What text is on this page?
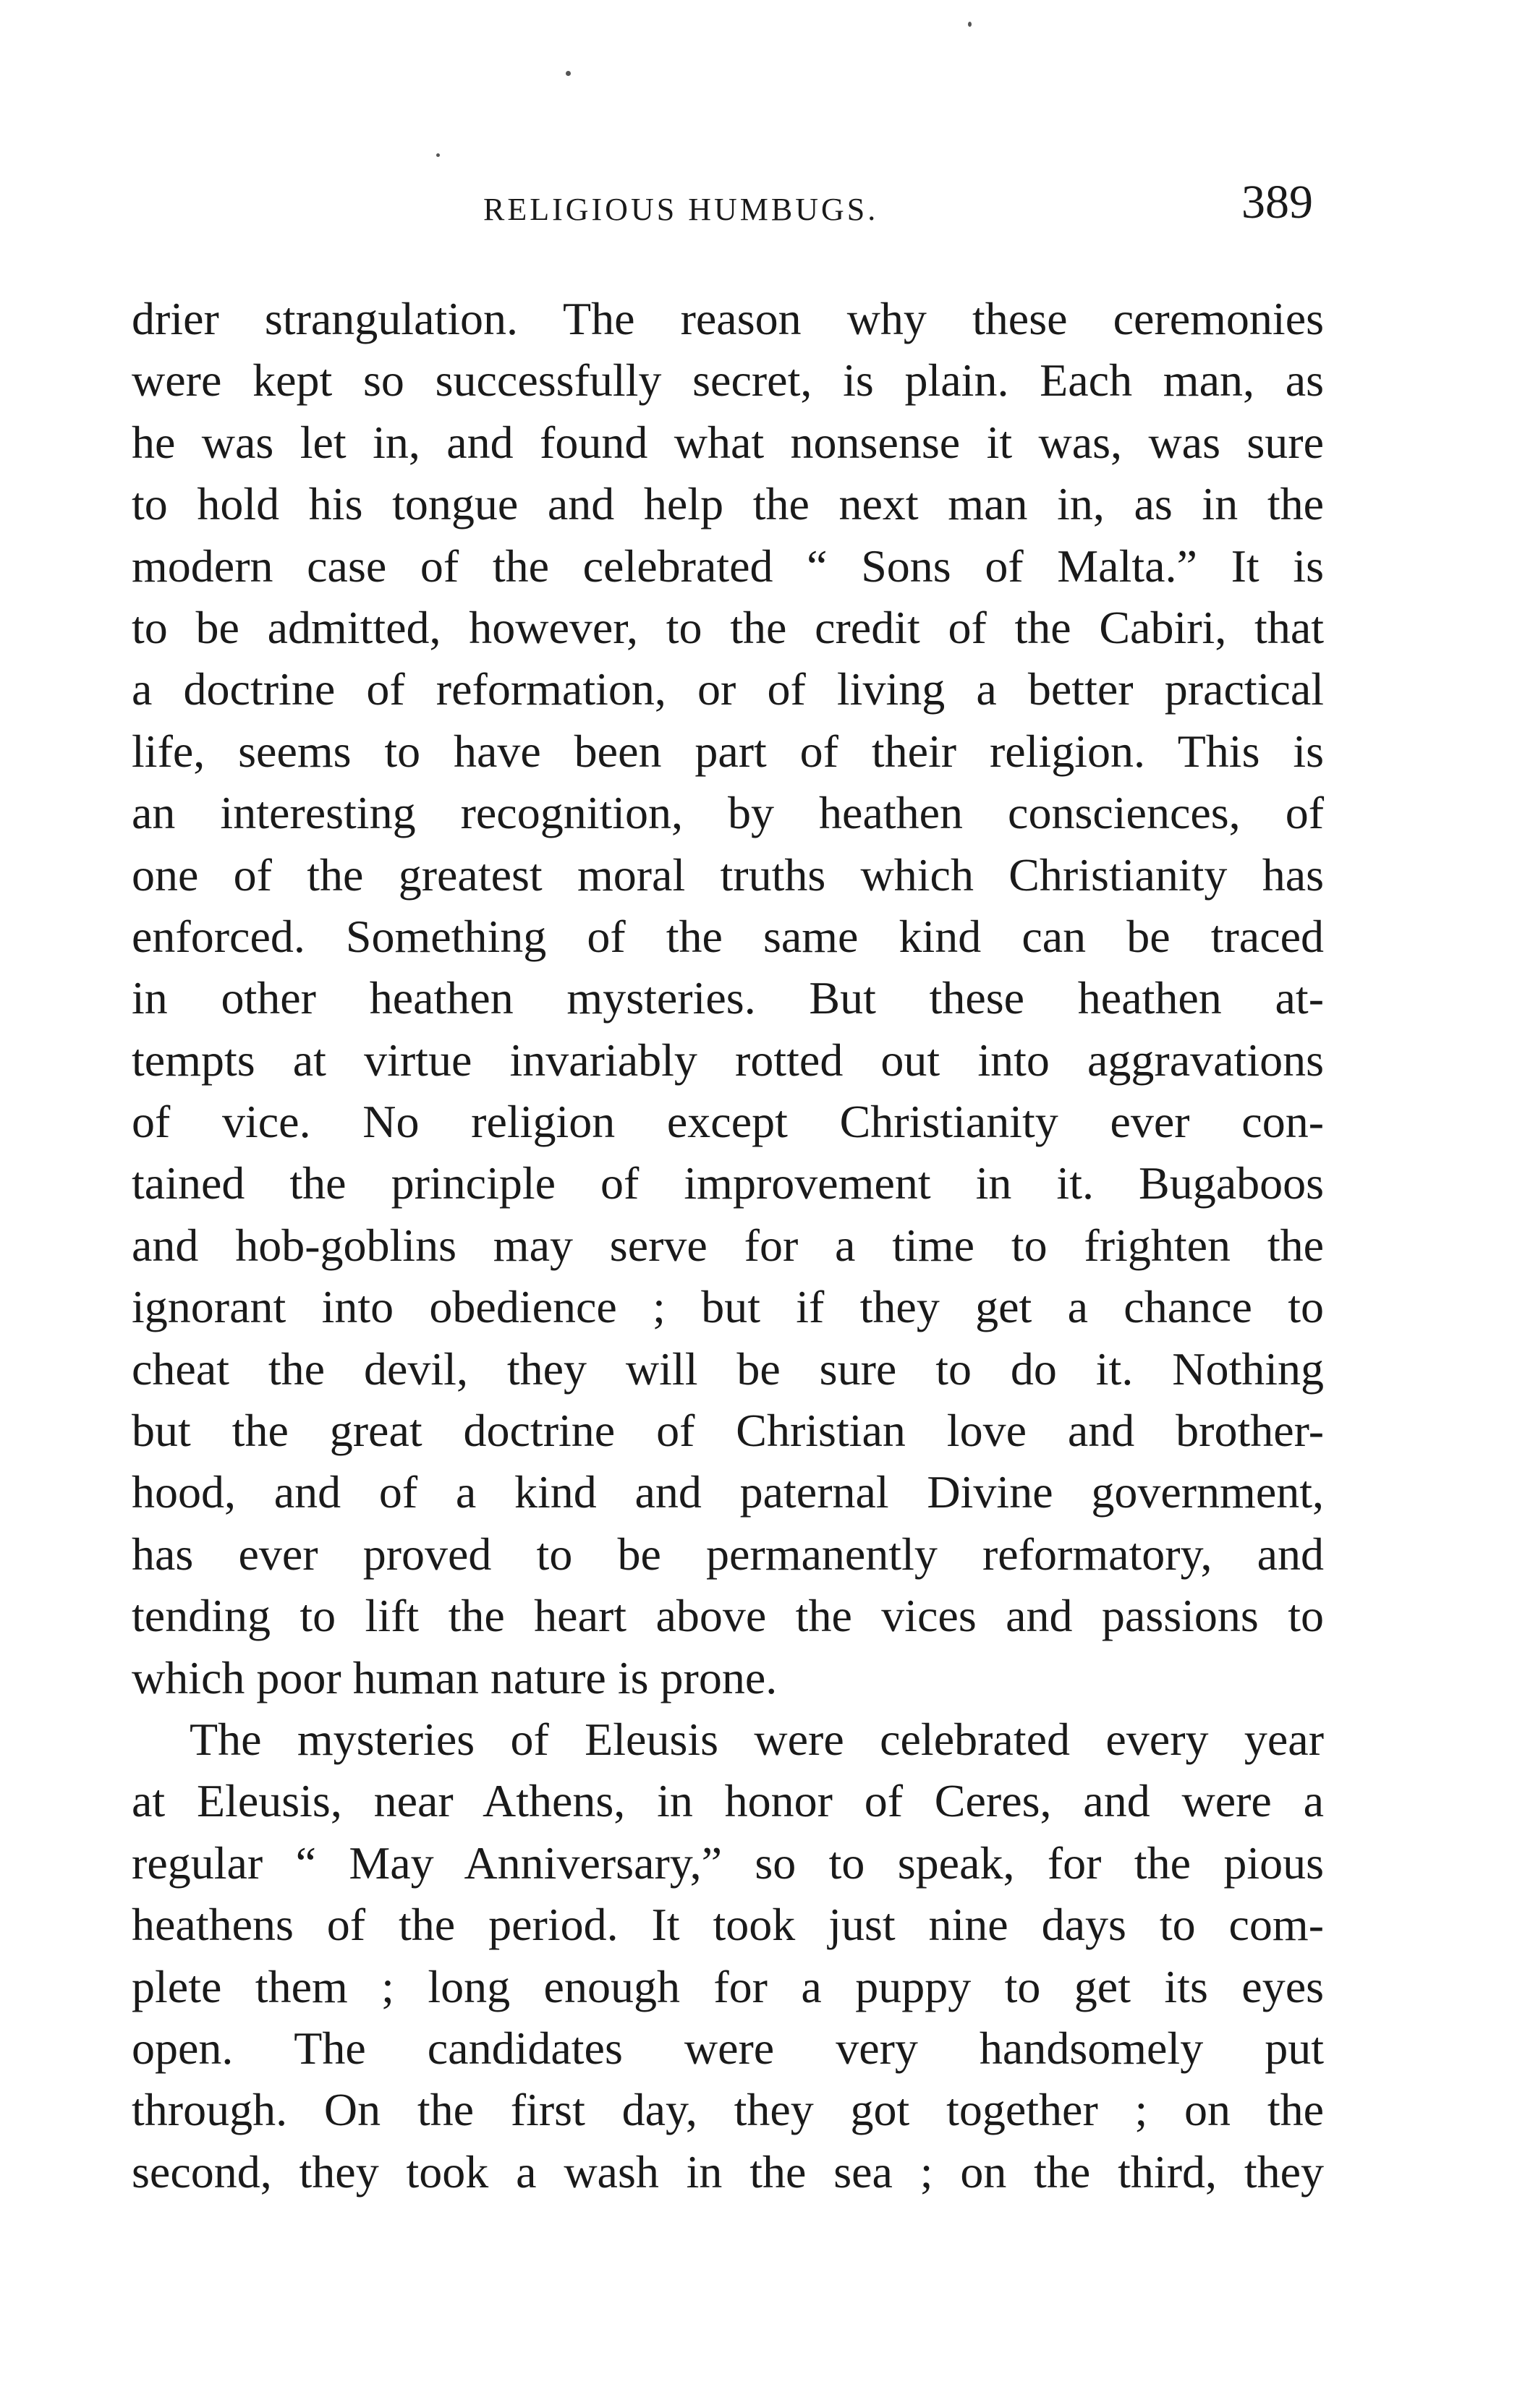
RELIGIOUS HUMBUGS.	389
drier strangulation. The reason why these ceremonies
were kept so successfully secret, is plain. Each man, as
he was let in, and found what nonsense it was, was sure
to hold his tongue and help the next man in, as in the
modern case of the celebrated “ Sons of Malta.” It is
to be admitted, however, to the credit of the Cabiri, that
a doctrine of reformation, or of living a better practical
life, seems to have been part of their religion. This is
an interesting recognition, by heathen consciences, of
one of the greatest moral truths which Christianity has
enforced. Something of the same kind can be traced
in other heathen mysteries. But these heathen at-
tempts at virtue invariably rotted out into aggravations
of vice. No religion except Christianity ever con-
tained the principle of improvement in it. Bugaboos
and hob-goblins may serve for a time to frighten the
ignorant into obedience ; but if they get a chance to
cheat the devil, they will be sure to do it. Nothing
but the great doctrine of Christian love and brother-
hood, and of a kind and paternal Divine government,
has ever proved to be permanently reformatory, and
tending to lift the heart above the vices and passions to
which poor human nature is prone.
The mysteries of Eleusis were celebrated every year
at Eleusis, near Athens, in honor of Ceres, and were a
regular “ May Anniversary,” so to speak, for the pious
heathens of the period. It took just nine days to com-
plete them ; long enough for a puppy to get its eyes
open. The candidates were very handsomely put
through. On the first day, they got together ; on the
second, they took a wash in the sea ; on the third, they
